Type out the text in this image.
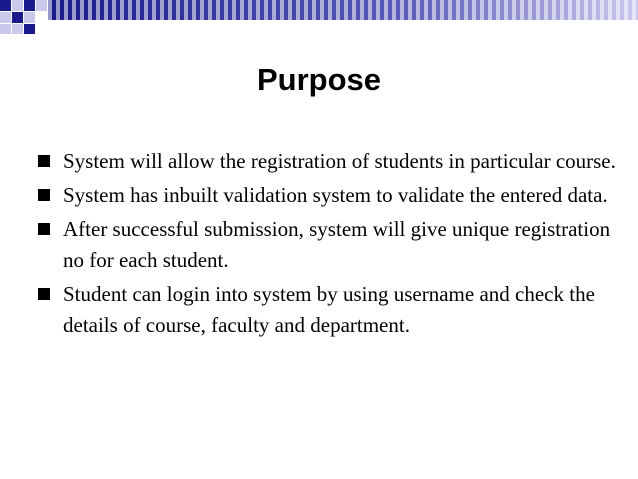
Purpose
System will allow the registration of students in particular course.
System has inbuilt validation system to validate the entered data.
After successful submission, system will give unique registration no for each student.
Student can login into system by using username and check the details of course, faculty and department.
